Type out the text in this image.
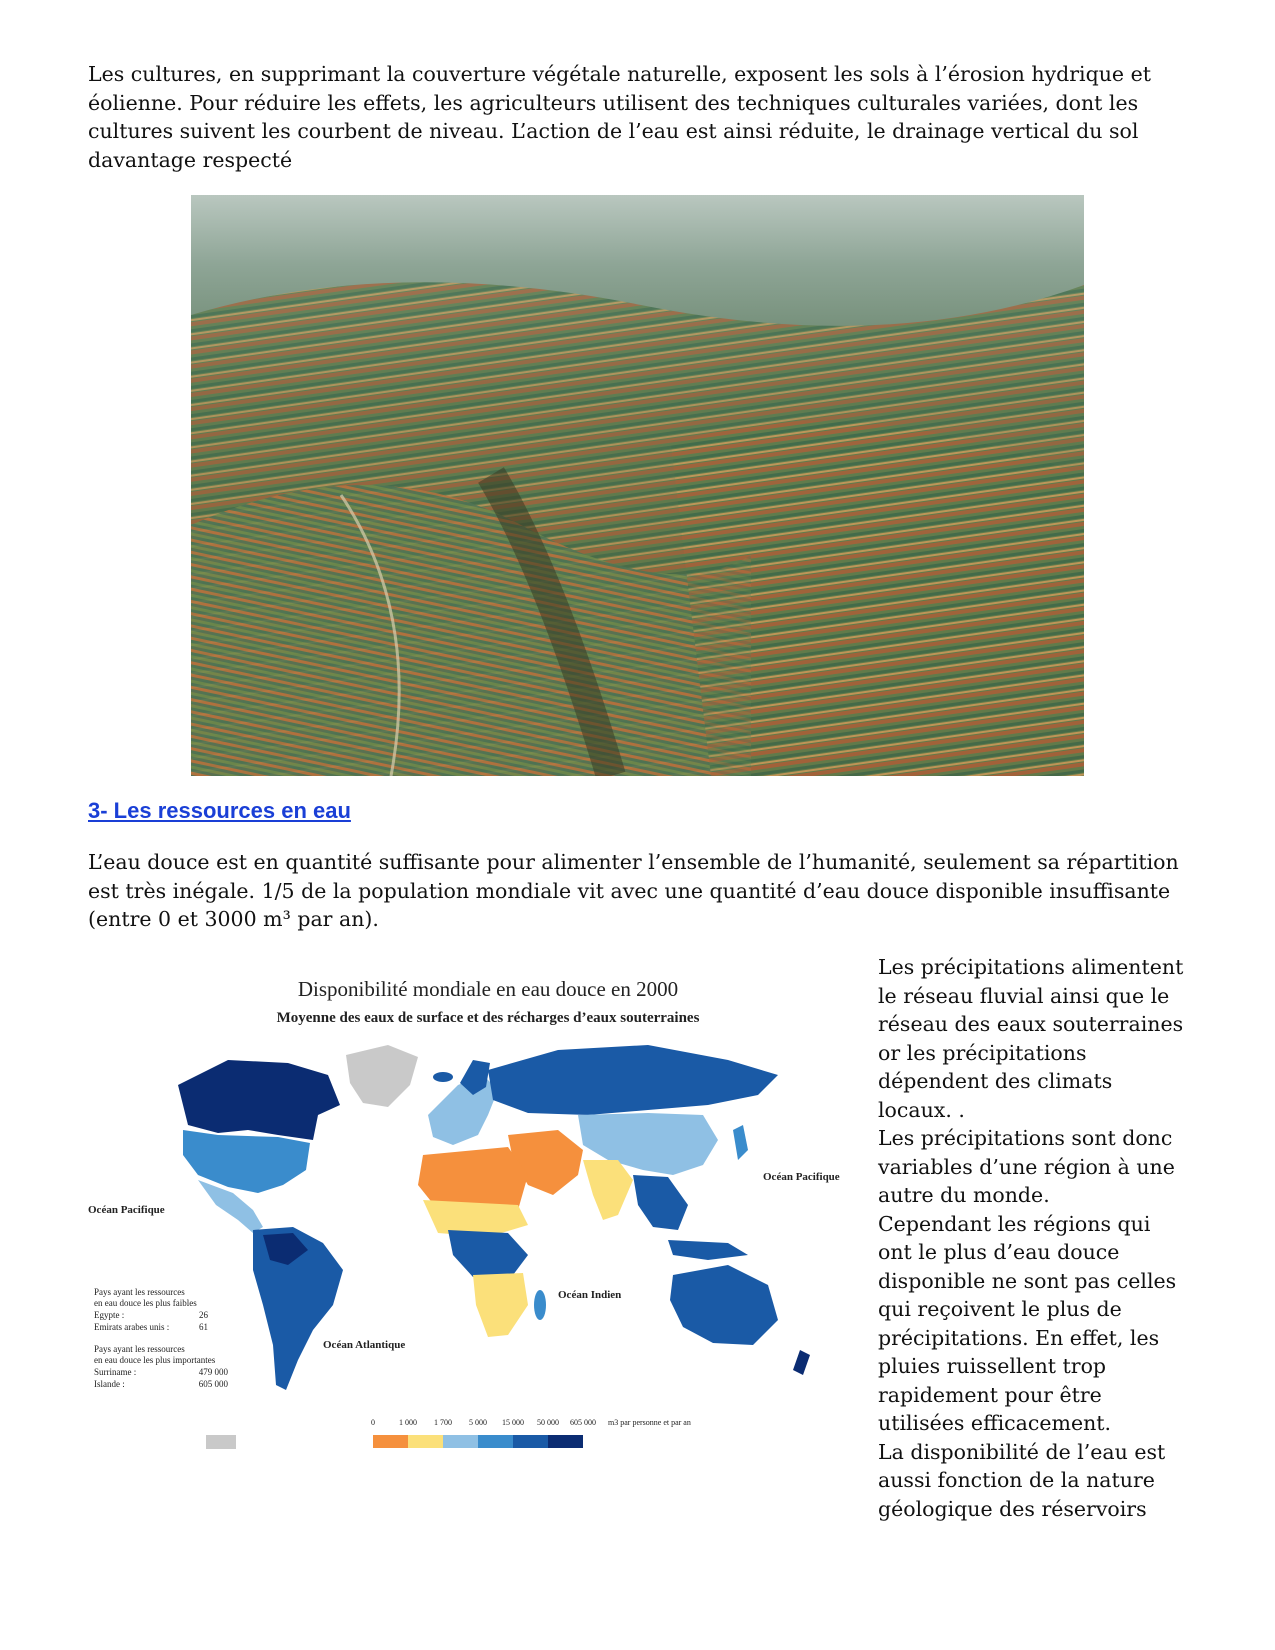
Les cultures, en supprimant la couverture végétale naturelle, exposent les sols à l’érosion hydrique et éolienne. Pour réduire les effets, les agriculteurs utilisent des techniques culturales variées, dont les cultures suivent les courbent de niveau. L’action de l’eau est ainsi réduite, le drainage vertical du sol davantage respecté

3- Les ressources en eau

L’eau douce est en quantité suffisante pour alimenter l’ensemble de l’humanité, seulement sa répartition est très inégale. 1/5 de la population mondiale vit avec une quantité d’eau douce disponible insuffisante (entre 0 et 3000 m³ par an).

Les précipitations alimentent le réseau fluvial ainsi que le réseau des eaux souterraines or les précipitations dépendent des climats locaux. .
Les précipitations sont donc variables d’une région à une autre du monde.
Cependant les régions qui ont le plus d’eau douce disponible ne sont pas celles qui reçoivent le plus de précipitations. En effet, les pluies ruissellent trop rapidement pour être utilisées efficacement.
La disponibilité de l’eau est aussi fonction de la nature géologique des réservoirs

Disponibilité mondiale en eau douce en 2000
Moyenne des eaux de surface et des récharges d’eaux souterraines
Océan Pacifique
Océan Pacifique
Océan Indien
Océan Atlantique
Pays ayant les ressources
en eau douce les plus faibles
Egypte :	26
Emirats arabes unis :	61
Pays ayant les ressources
en eau douce les plus importantes
Surriname :	479 000
Islande :	605 000
0	1 000 1 700 5 000 15 000 50 000 605 000 m3 par personne et par an
